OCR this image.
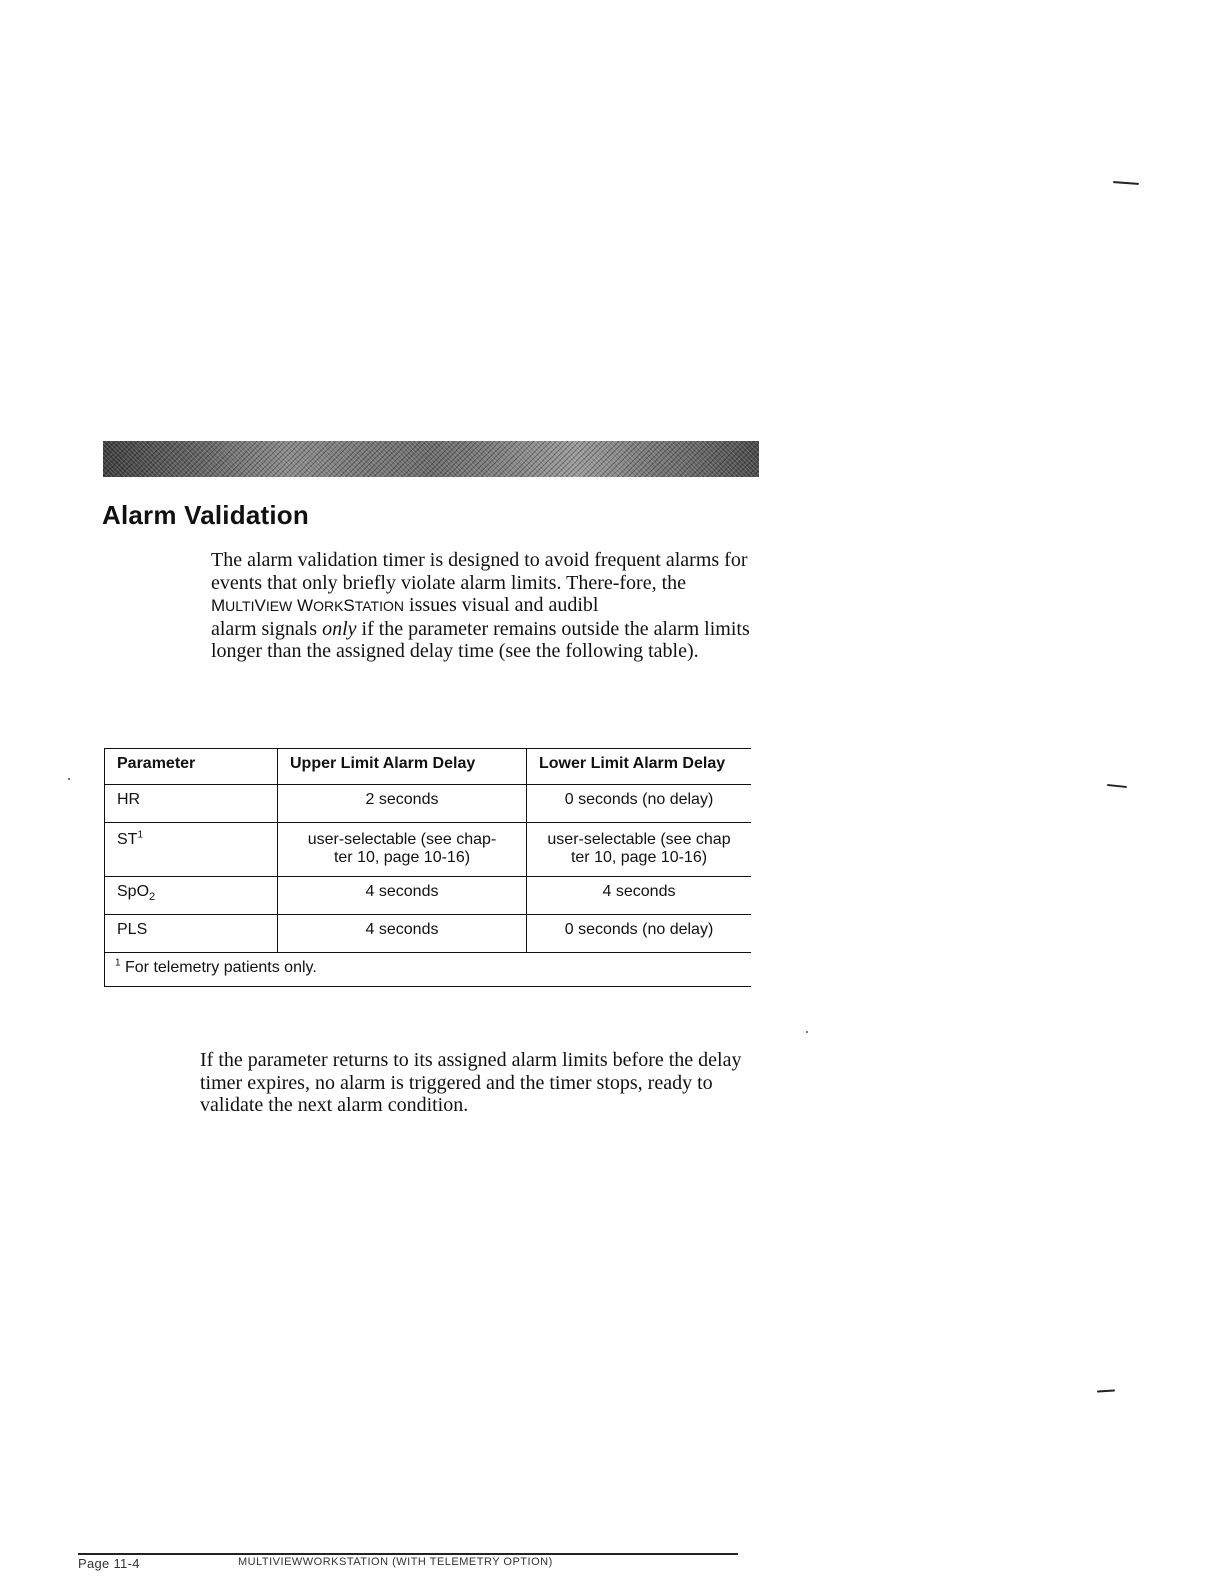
Alarm Validation

The alarm validation timer is designed to avoid frequent alarms for events that only briefly violate alarm limits. There-fore, the MULTIVIEW WORKSTATION issues visual and audibl
alarm signals only if the parameter remains outside the alarm limits longer than the assigned delay time (see the following table).

Parameter	Upper Limit Alarm Delay	Lower Limit Alarm Delay

HR	2 seconds	0 seconds (no delay)

$ST^1$	user-selectable (see chap-
ter 10, page 10-16)	user-selectable (see chap
ter 10, page 10-16)

SpO$_2$	4 seconds	4 seconds

PLS	4 seconds	0 seconds (no delay)

$^1$ For telemetry patients only.		

If the parameter returns to its assigned alarm limits before the delay timer expires, no alarm is triggered and the timer stops, ready to validate the next alarm condition.

Page 11-4	MULTIVIEWWORKSTATION (WITH TELEMETRY OPTION)
